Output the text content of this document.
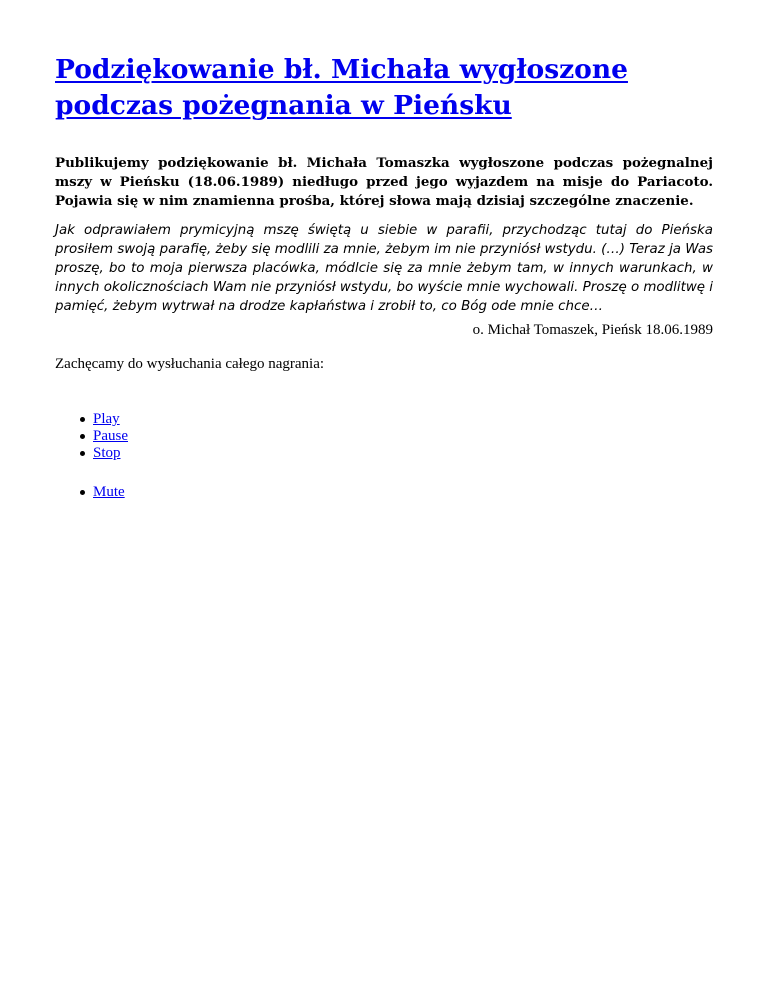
Podziękowanie bł. Michała wygłoszone podczas pożegnania w Pieńsku

Publikujemy podziękowanie bł. Michała Tomaszka wygłoszone podczas pożegnalnej mszy w Pieńsku (18.06.1989) niedługo przed jego wyjazdem na misje do Pariacoto. Pojawia się w nim znamienna prośba, której słowa mają dzisiaj szczególne znaczenie.

Jak odprawiałem prymicyjną mszę świętą u siebie w parafii, przychodząc tutaj do Pieńska prosiłem swoją parafię, żeby się modlili za mnie, żebym im nie przyniósł wstydu. (…) Teraz ja Was proszę, bo to moja pierwsza placówka, módlcie się za mnie żebym tam, w innych warunkach, w innych okolicznościach Wam nie przyniósł wstydu, bo wyście mnie wychowali. Proszę o modlitwę i pamięć, żebym wytrwał na drodze kapłaństwa i zrobił to, co Bóg ode mnie chce…

o. Michał Tomaszek, Pieńsk 18.06.1989

Zachęcamy do wysłuchania całego nagrania:

Play
Pause
Stop
Mute
